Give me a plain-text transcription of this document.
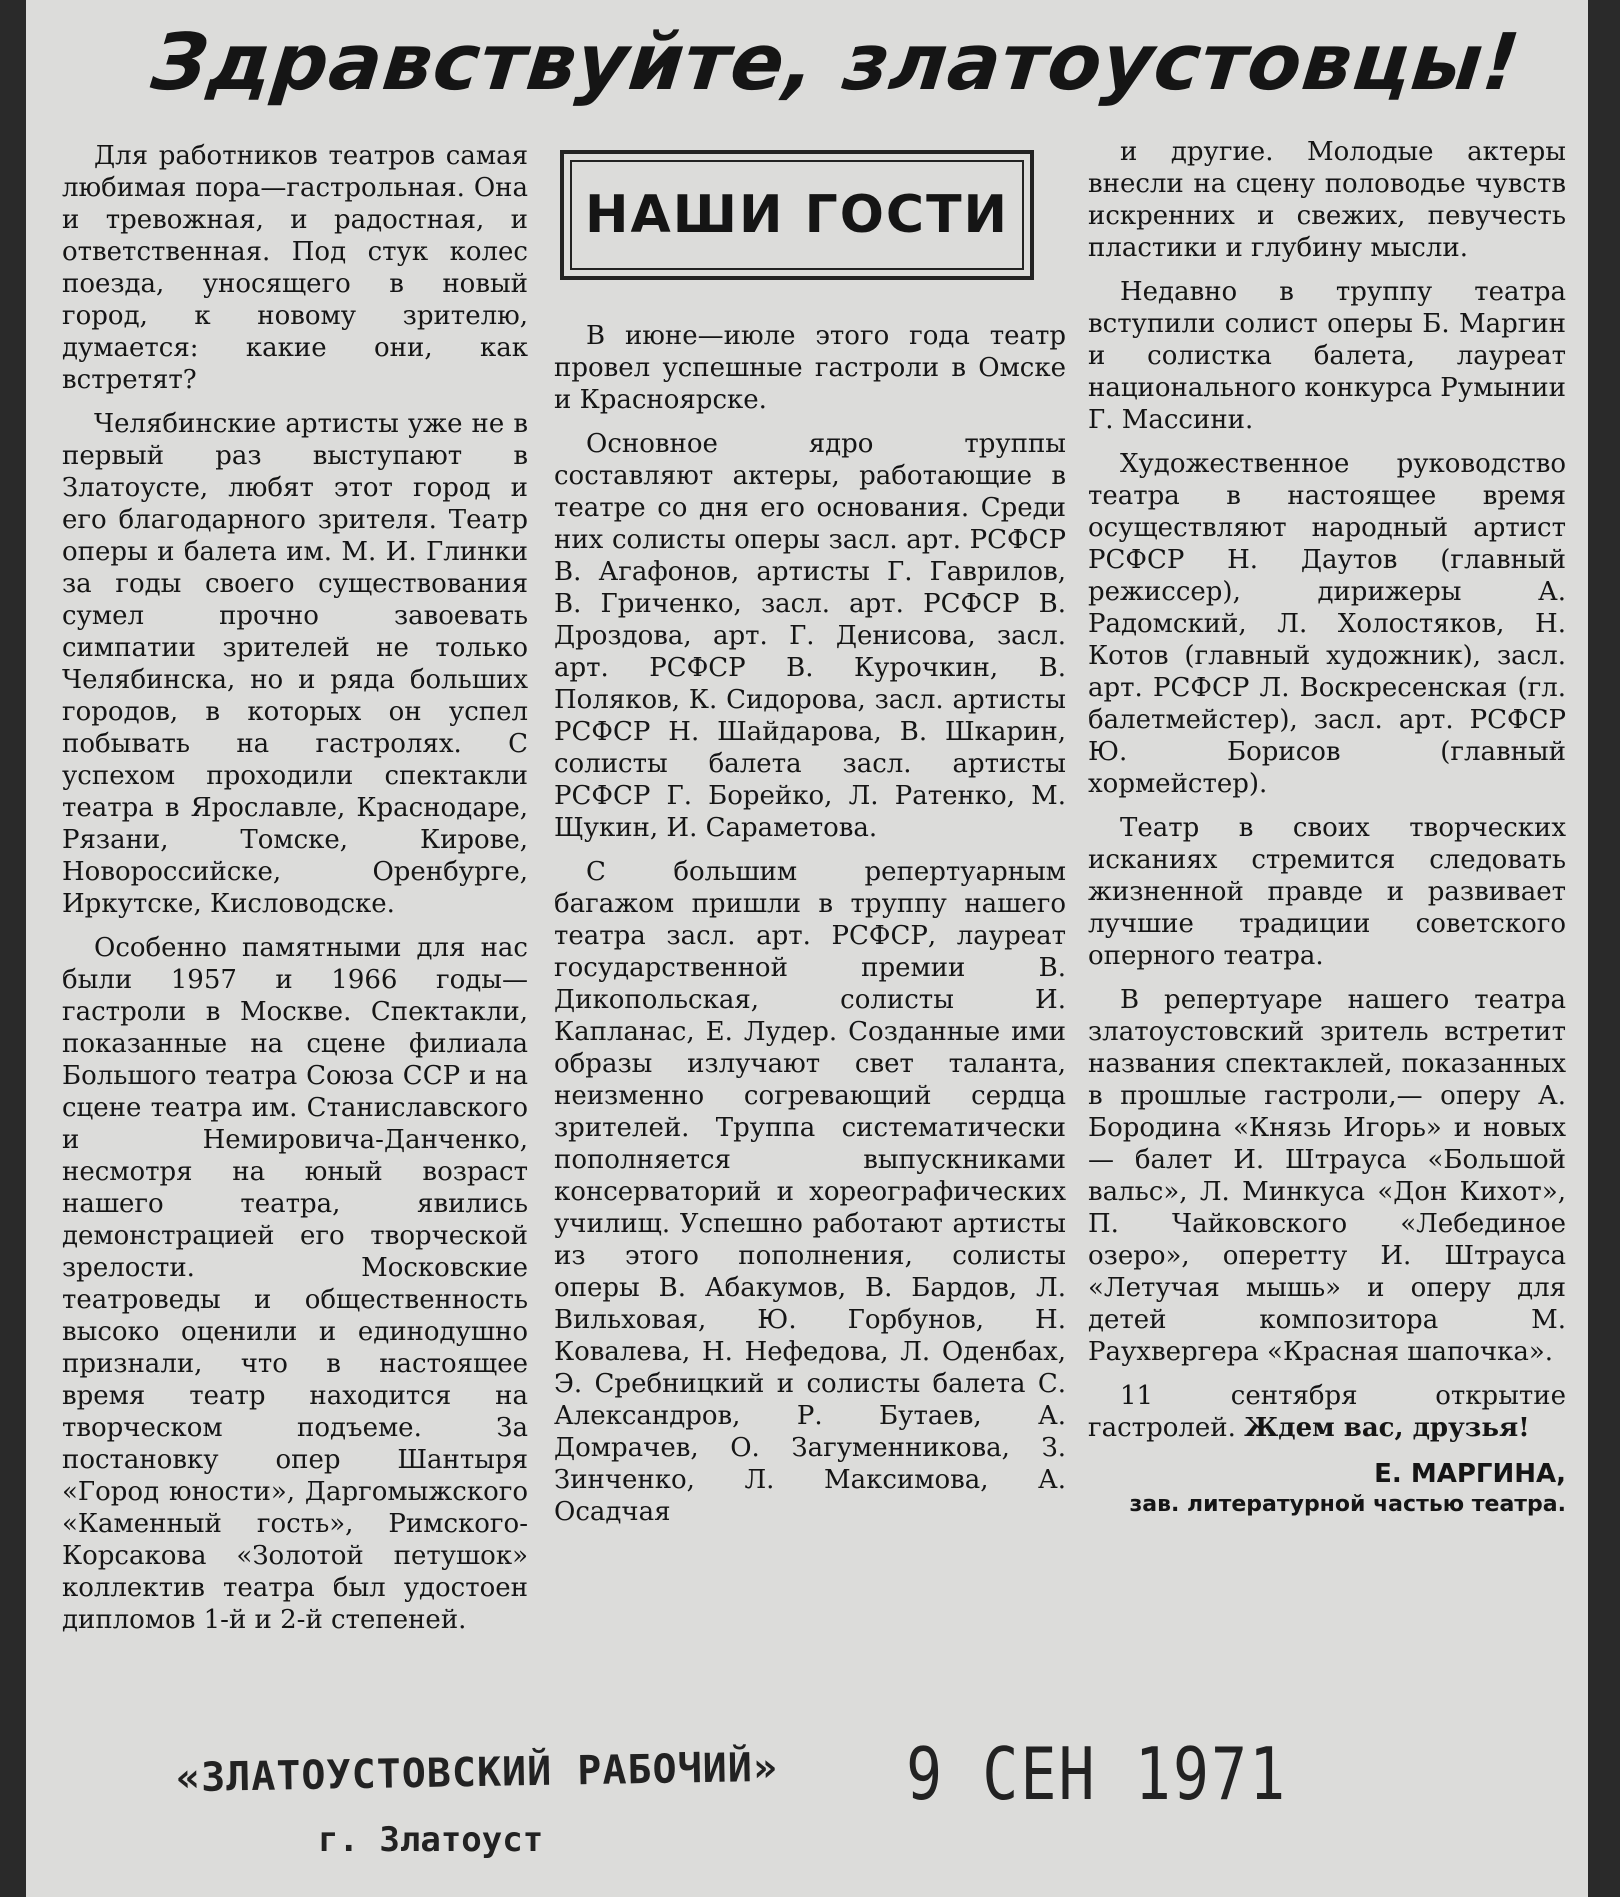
Здравствуйте, златоустовцы!

Для работников театров самая любимая пора—гастрольная. Она и тревожная, и радостная, и ответственная. Под стук колес поезда, уносящего в новый город, к новому зрителю, думается: какие они, как встретят?

Челябинские артисты уже не в первый раз выступают в Златоусте, любят этот город и его благодарного зрителя. Театр оперы и балета им. М. И. Глинки за годы своего существования сумел прочно завоевать симпатии зрителей не только Челябинска, но и ряда больших городов, в которых он успел побывать на гастролях. С успехом проходили спектакли театра в Ярославле, Краснодаре, Рязани, Томске, Кирове, Новороссийске, Оренбурге, Иркутске, Кисловодске.

Особенно памятными для нас были 1957 и 1966 годы—гастроли в Москве. Спектакли, показанные на сцене филиала Большого театра Союза ССР и на сцене театра им. Станиславского и Немировича-Данченко, несмотря на юный возраст нашего театра, явились демонстрацией его творческой зрелости. Московские театроведы и общественность высоко оценили и единодушно признали, что в настоящее время театр находится на творческом подъеме. За постановку опер Шантыря «Город юности», Даргомыжского «Каменный гость», Римского-Корсакова «Золотой петушок» коллектив театра был удостоен дипломов 1-й и 2-й степеней.

НАШИ ГОСТИ

В июне—июле этого года театр провел успешные гастроли в Омске и Красноярске.

Основное ядро труппы составляют актеры, работающие в театре со дня его основания. Среди них солисты оперы засл. арт. РСФСР В. Агафонов, артисты Г. Гаврилов, В. Гриченко, засл. арт. РСФСР В. Дроздова, арт. Г. Денисова, засл. арт. РСФСР В. Курочкин, В. Поляков, К. Сидорова, засл. артисты РСФСР Н. Шайдарова, В. Шкарин, солисты балета засл. артисты РСФСР Г. Борейко, Л. Ратенко, М. Щукин, И. Сараметова.

С большим репертуарным багажом пришли в труппу нашего театра засл. арт. РСФСР, лауреат государственной премии В. Дикопольская, солисты И. Капланас, Е. Лудер. Созданные ими образы излучают свет таланта, неизменно согревающий сердца зрителей. Труппа систематически пополняется выпускниками консерваторий и хореографических училищ. Успешно работают артисты из этого пополнения, солисты оперы В. Абакумов, В. Бардов, Л. Вильховая, Ю. Горбунов, Н. Ковалева, Н. Нефедова, Л. Оденбах, Э. Сребницкий и солисты балета С. Александров, Р. Бутаев, А. Домрачев, О. Загуменникова, З. Зинченко, Л. Максимова, А. Осадчая

и другие. Молодые актеры внесли на сцену половодье чувств искренних и свежих, певучесть пластики и глубину мысли.

Недавно в труппу театра вступили солист оперы Б. Маргин и солистка балета, лауреат национального конкурса Румынии Г. Массини.

Художественное руководство театра в настоящее время осуществляют народный артист РСФСР Н. Даутов (главный режиссер), дирижеры А. Радомский, Л. Холостяков, Н. Котов (главный художник), засл. арт. РСФСР Л. Воскресенская (гл. балетмейстер), засл. арт. РСФСР Ю. Борисов (главный хормейстер).

Театр в своих творческих исканиях стремится следовать жизненной правде и развивает лучшие традиции советского оперного театра.

В репертуаре нашего театра златоустовский зритель встретит названия спектаклей, показанных в прошлые гастроли,— оперу А. Бородина «Князь Игорь» и новых — балет И. Штрауса «Большой вальс», Л. Минкуса «Дон Кихот», П. Чайковского «Лебединое озеро», оперетту И. Штрауса «Летучая мышь» и оперу для детей композитора М. Раухвергера «Красная шапочка».

11 сентября открытие гастролей. Ждем вас, друзья!

Е. МАРГИНА,
зав. литературной частью театра.
«ЗЛАТОУСТОВСКИЙ РАБОЧИЙ»
г. Златоуст
9 СЕН 1971
